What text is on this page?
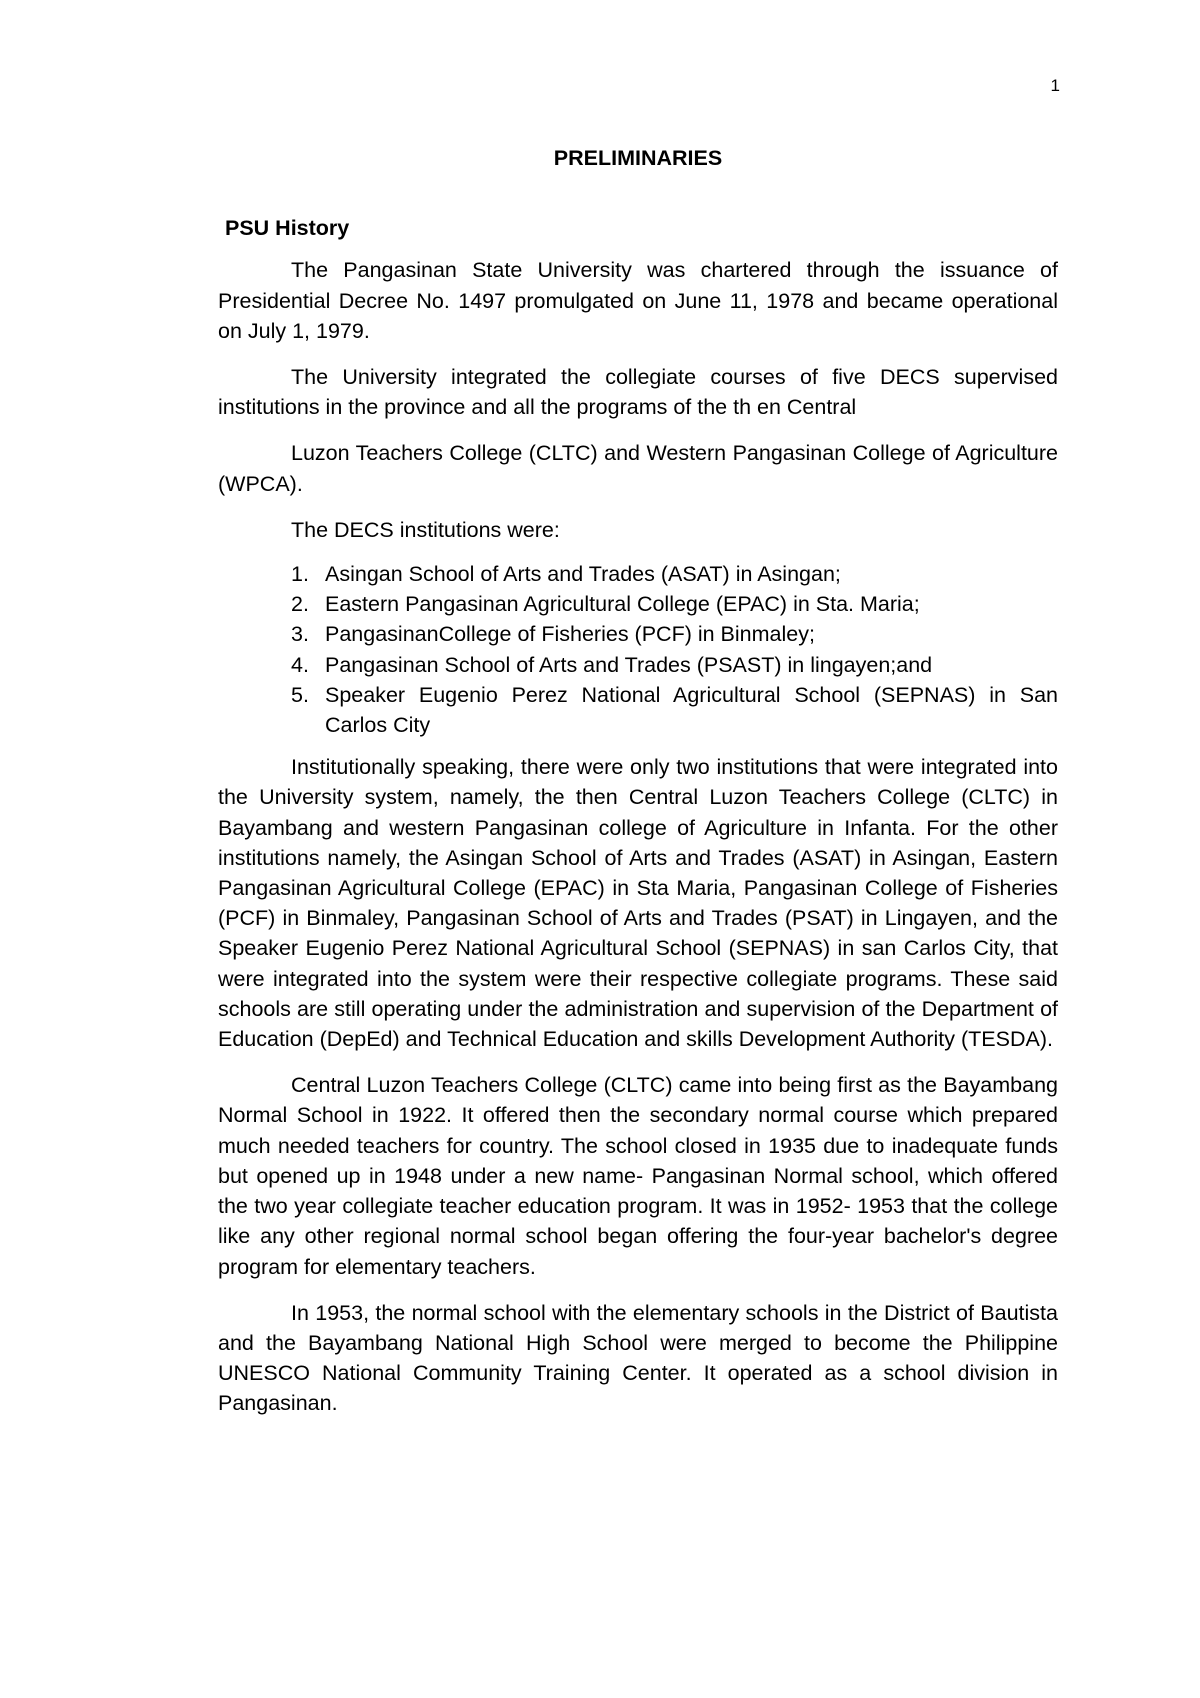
1
PRELIMINARIES
PSU History

The Pangasinan State University was chartered through the issuance of Presidential Decree No. 1497 promulgated on June 11, 1978 and became operational on July 1, 1979.

The University integrated the collegiate courses of five DECS supervised institutions in the province and all the programs of the th en Central

Luzon Teachers College (CLTC) and Western Pangasinan College of Agriculture (WPCA).

The DECS institutions were:

1. Asingan School of Arts and Trades (ASAT) in Asingan;
2. Eastern Pangasinan Agricultural College (EPAC) in Sta. Maria;
3. PangasinanCollege of Fisheries (PCF) in Binmaley;
4. Pangasinan School of Arts and Trades (PSAST) in lingayen;and
5. Speaker Eugenio Perez National Agricultural School (SEPNAS) in San Carlos City

Institutionally speaking, there were only two institutions that were integrated into the University system, namely, the then Central Luzon Teachers College (CLTC) in Bayambang and western Pangasinan college of Agriculture in Infanta. For the other institutions namely, the Asingan School of Arts and Trades (ASAT) in Asingan, Eastern Pangasinan Agricultural College (EPAC) in Sta Maria, Pangasinan College of Fisheries (PCF) in Binmaley, Pangasinan School of Arts and Trades (PSAT) in Lingayen, and the Speaker Eugenio Perez National Agricultural School (SEPNAS) in san Carlos City, that were integrated into the system were their respective collegiate programs. These said schools are still operating under the administration and supervision of the Department of Education (DepEd) and Technical Education and skills Development Authority (TESDA).

Central Luzon Teachers College (CLTC) came into being first as the Bayambang Normal School in 1922. It offered then the secondary normal course which prepared much needed teachers for country. The school closed in 1935 due to inadequate funds but opened up in 1948 under a new name- Pangasinan Normal school, which offered the two year collegiate teacher education program. It was in 1952- 1953 that the college like any other regional normal school began offering the four-year bachelor's degree program for elementary teachers.

In 1953, the normal school with the elementary schools in the District of Bautista and the Bayambang National High School were merged to become the Philippine UNESCO National Community Training Center. It operated as a school division in Pangasinan.
